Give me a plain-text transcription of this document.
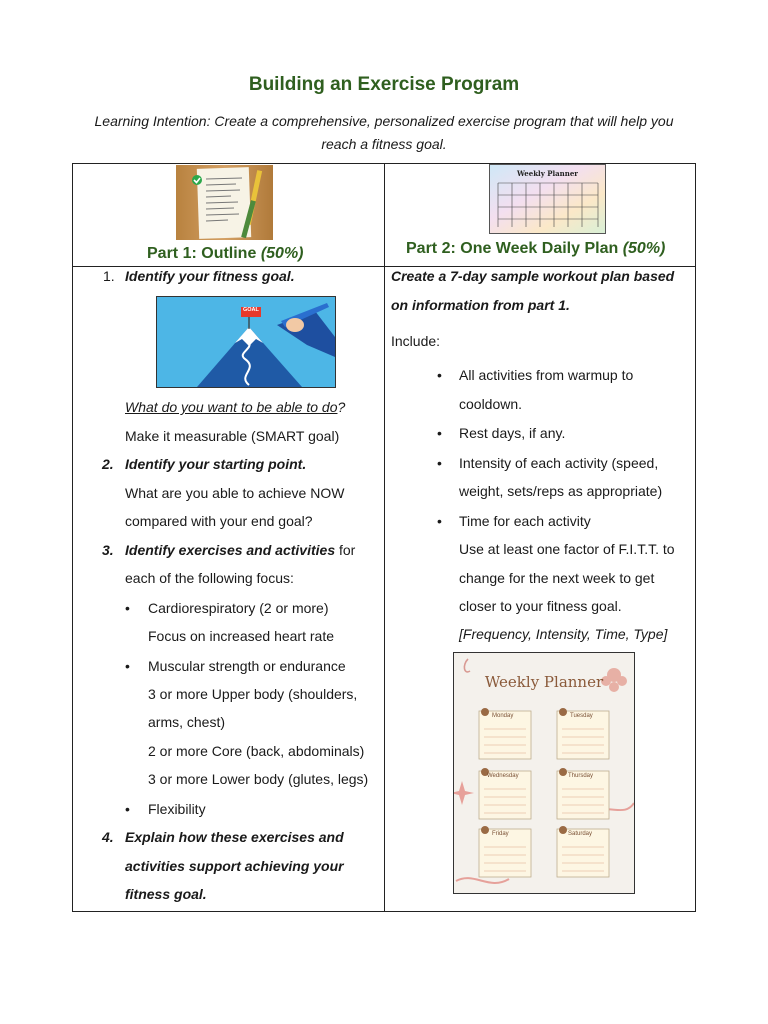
Building an Exercise Program
Learning Intention: Create a comprehensive, personalized exercise program that will help you
reach a fitness goal.
Part 1: Outline (50%)
Weekly Planner
Part 2: One Week Daily Plan (50%)
1. Identify your fitness goal.
GOAL
What do you want to be able to do?
Make it measurable (SMART goal)
2. Identify your starting point.
What are you able to achieve NOW
compared with your end goal?
3. Identify exercises and activities for
each of the following focus:
• Cardiorespiratory (2 or more)
Focus on increased heart rate
• Muscular strength or endurance
3 or more Upper body (shoulders,
arms, chest)
2 or more Core (back, abdominals)
3 or more Lower body (glutes, legs)
• Flexibility
4. Explain how these exercises and
activities support achieving your
fitness goal.
Create a 7-day sample workout plan based
on information from part 1.
Include:
• All activities from warmup to
cooldown.
• Rest days, if any.
• Intensity of each activity (speed,
weight, sets/reps as appropriate)
• Time for each activity
Use at least one factor of F.I.T.T. to
change for the next week to get
closer to your fitness goal.
[Frequency, Intensity, Time, Type]
Weekly Planner
Monday	Tuesday
Wednesday	Thursday
Friday	Saturday
